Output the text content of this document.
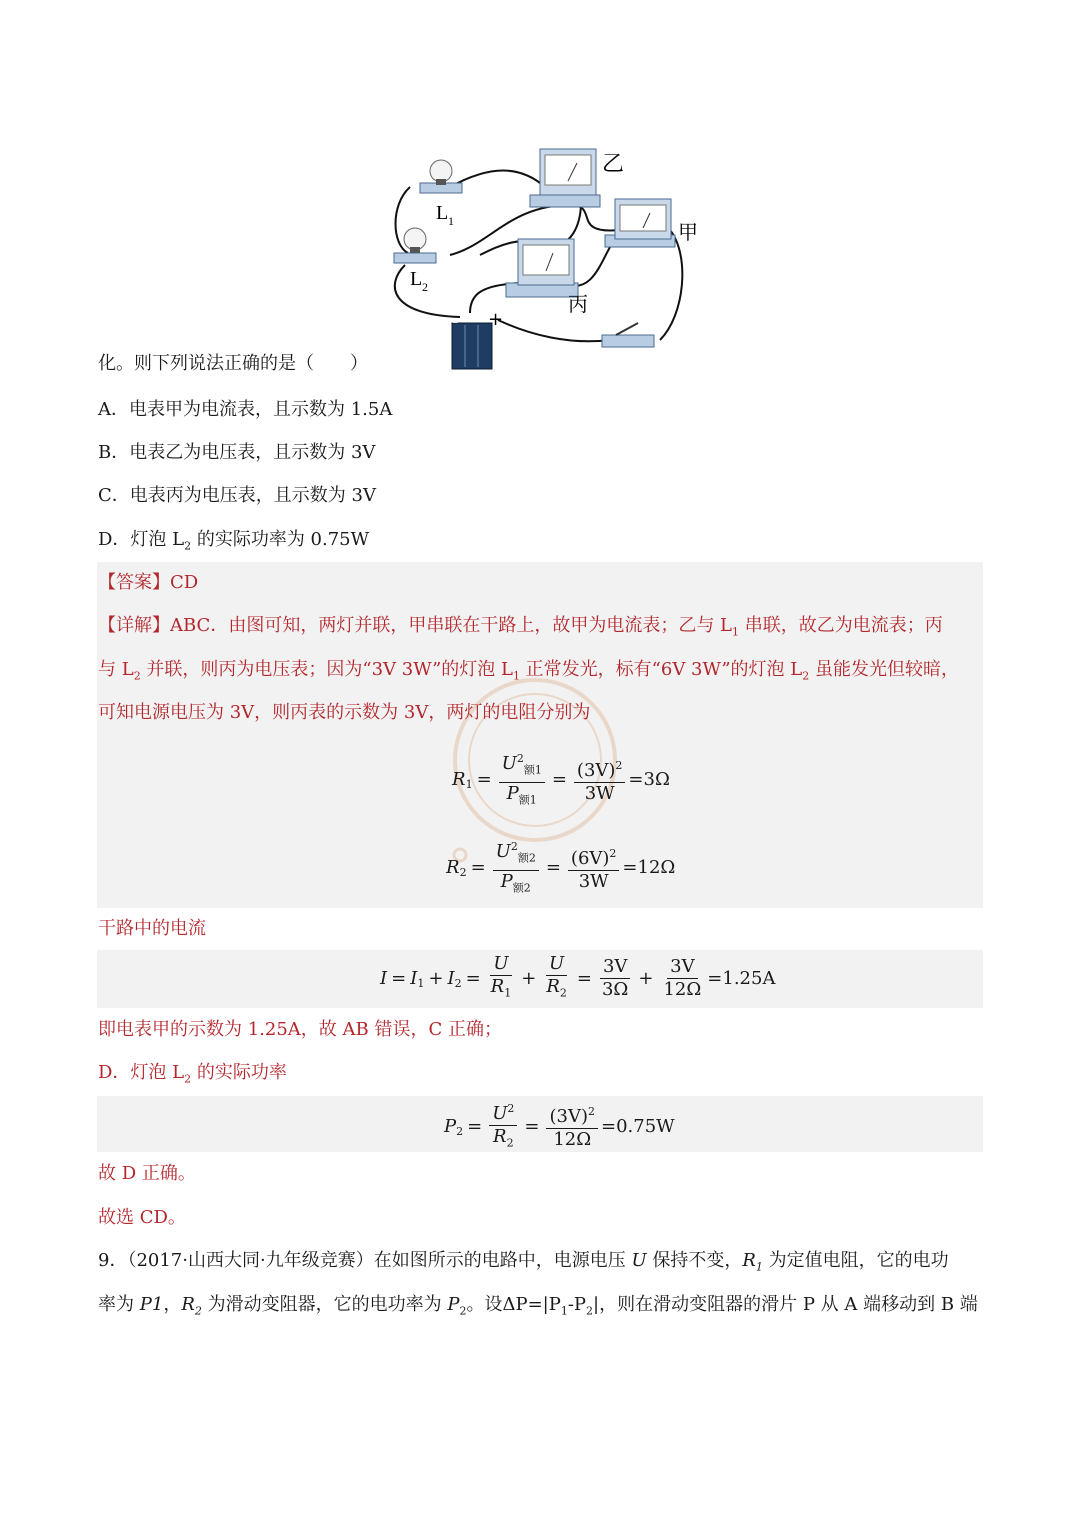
L 1
L 2
乙
甲
丙
+
-
化。则下列说法正确的是（　　）
A．电表甲为电流表，且示数为 1.5A
B．电表乙为电压表，且示数为 3V
C．电表丙为电压表，且示数为 3V
D．灯泡 $L_2$ 的实际功率为 0.75W
【答案】CD
【详解】ABC．由图可知，两灯并联，甲串联在干路上，故甲为电流表；乙与 $L_1$ 串联，故乙为电流表；丙
与 $L_2$ 并联，则丙为电压表；因为“3V 3W”的灯泡 $L_1$ 正常发光，标有“6V 3W”的灯泡 $L_2$ 虽能发光但较暗，
可知电源电压为 3V，则丙表的示数为 3V，两灯的电阻分别为
R $1 = \frac{U^2_{额1}}{P_{额1}} = \frac{(3V)^2}{3W} =3\Omega$
R $2 = \frac{U^2_{额2}}{P_{额2}} = \frac{(6V)^2}{3W} =12\Omega$
干路中的电流
I = I 1 + I $2 = \frac{U}{R_1} + \frac{U}{R_2} = \frac{3V}{3\Omega} + \frac{3V}{12\Omega} =1.25A$
即电表甲的示数为 1.25A，故 AB 错误，C 正确；
D．灯泡 $L_2$ 的实际功率
P $2 = \frac{U^2}{R_2} = \frac{(3V)^2}{12\Omega} =0.75W$
故 D 正确。
故选 CD。
9．（2017·山西大同·九年级竞赛）在如图所示的电路中，电源电压 U 保持不变，$R_1$ 为定值电阻，它的电功
率为 P1，$R_2$ 为滑动变阻器，它的电功率为 $P_2$。设$\Delta P=|P_1-P_2|$，则在滑动变阻器的滑片 P 从 A 端移动到 B 端
